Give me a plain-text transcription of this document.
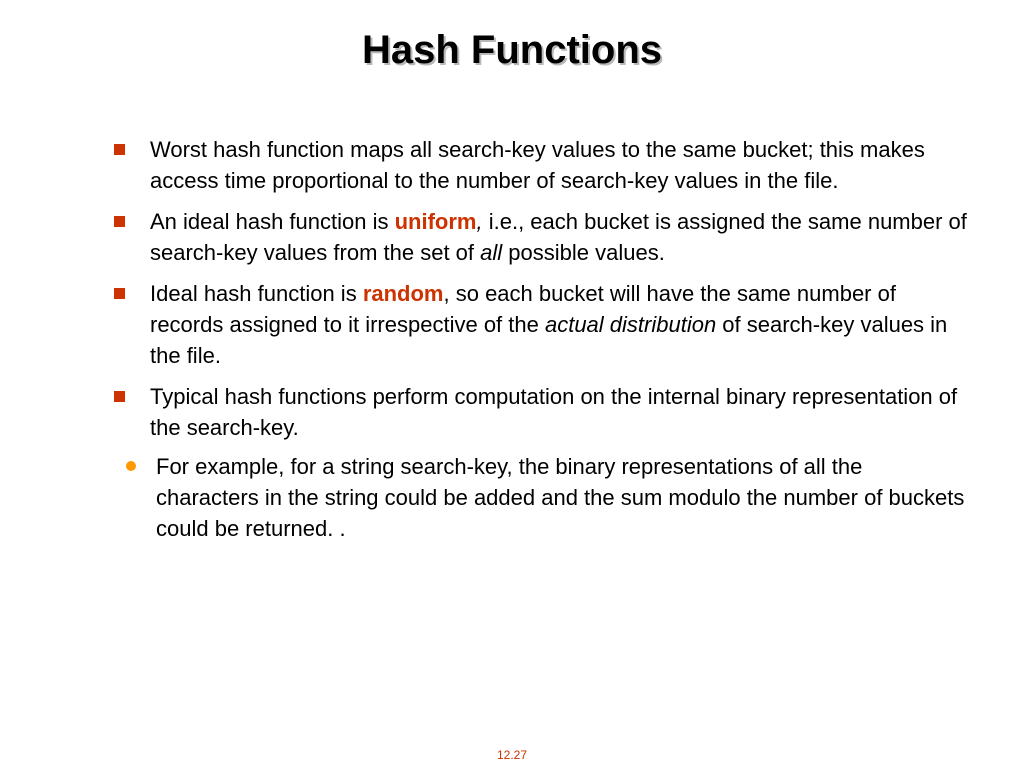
Hash Functions
Worst hash function maps all search-key values to the same bucket; this makes access time proportional to the number of search-key values in the file.
An ideal hash function is uniform, i.e., each bucket is assigned the same number of search-key values from the set of all possible values.
Ideal hash function is random, so each bucket will have the same number of records assigned to it irrespective of the actual distribution of search-key values in the file.
Typical hash functions perform computation on the internal binary representation of the search-key.
For example, for a string search-key, the binary representations of all the characters in the string could be added and the sum modulo the number of buckets could be returned. .
12.27
